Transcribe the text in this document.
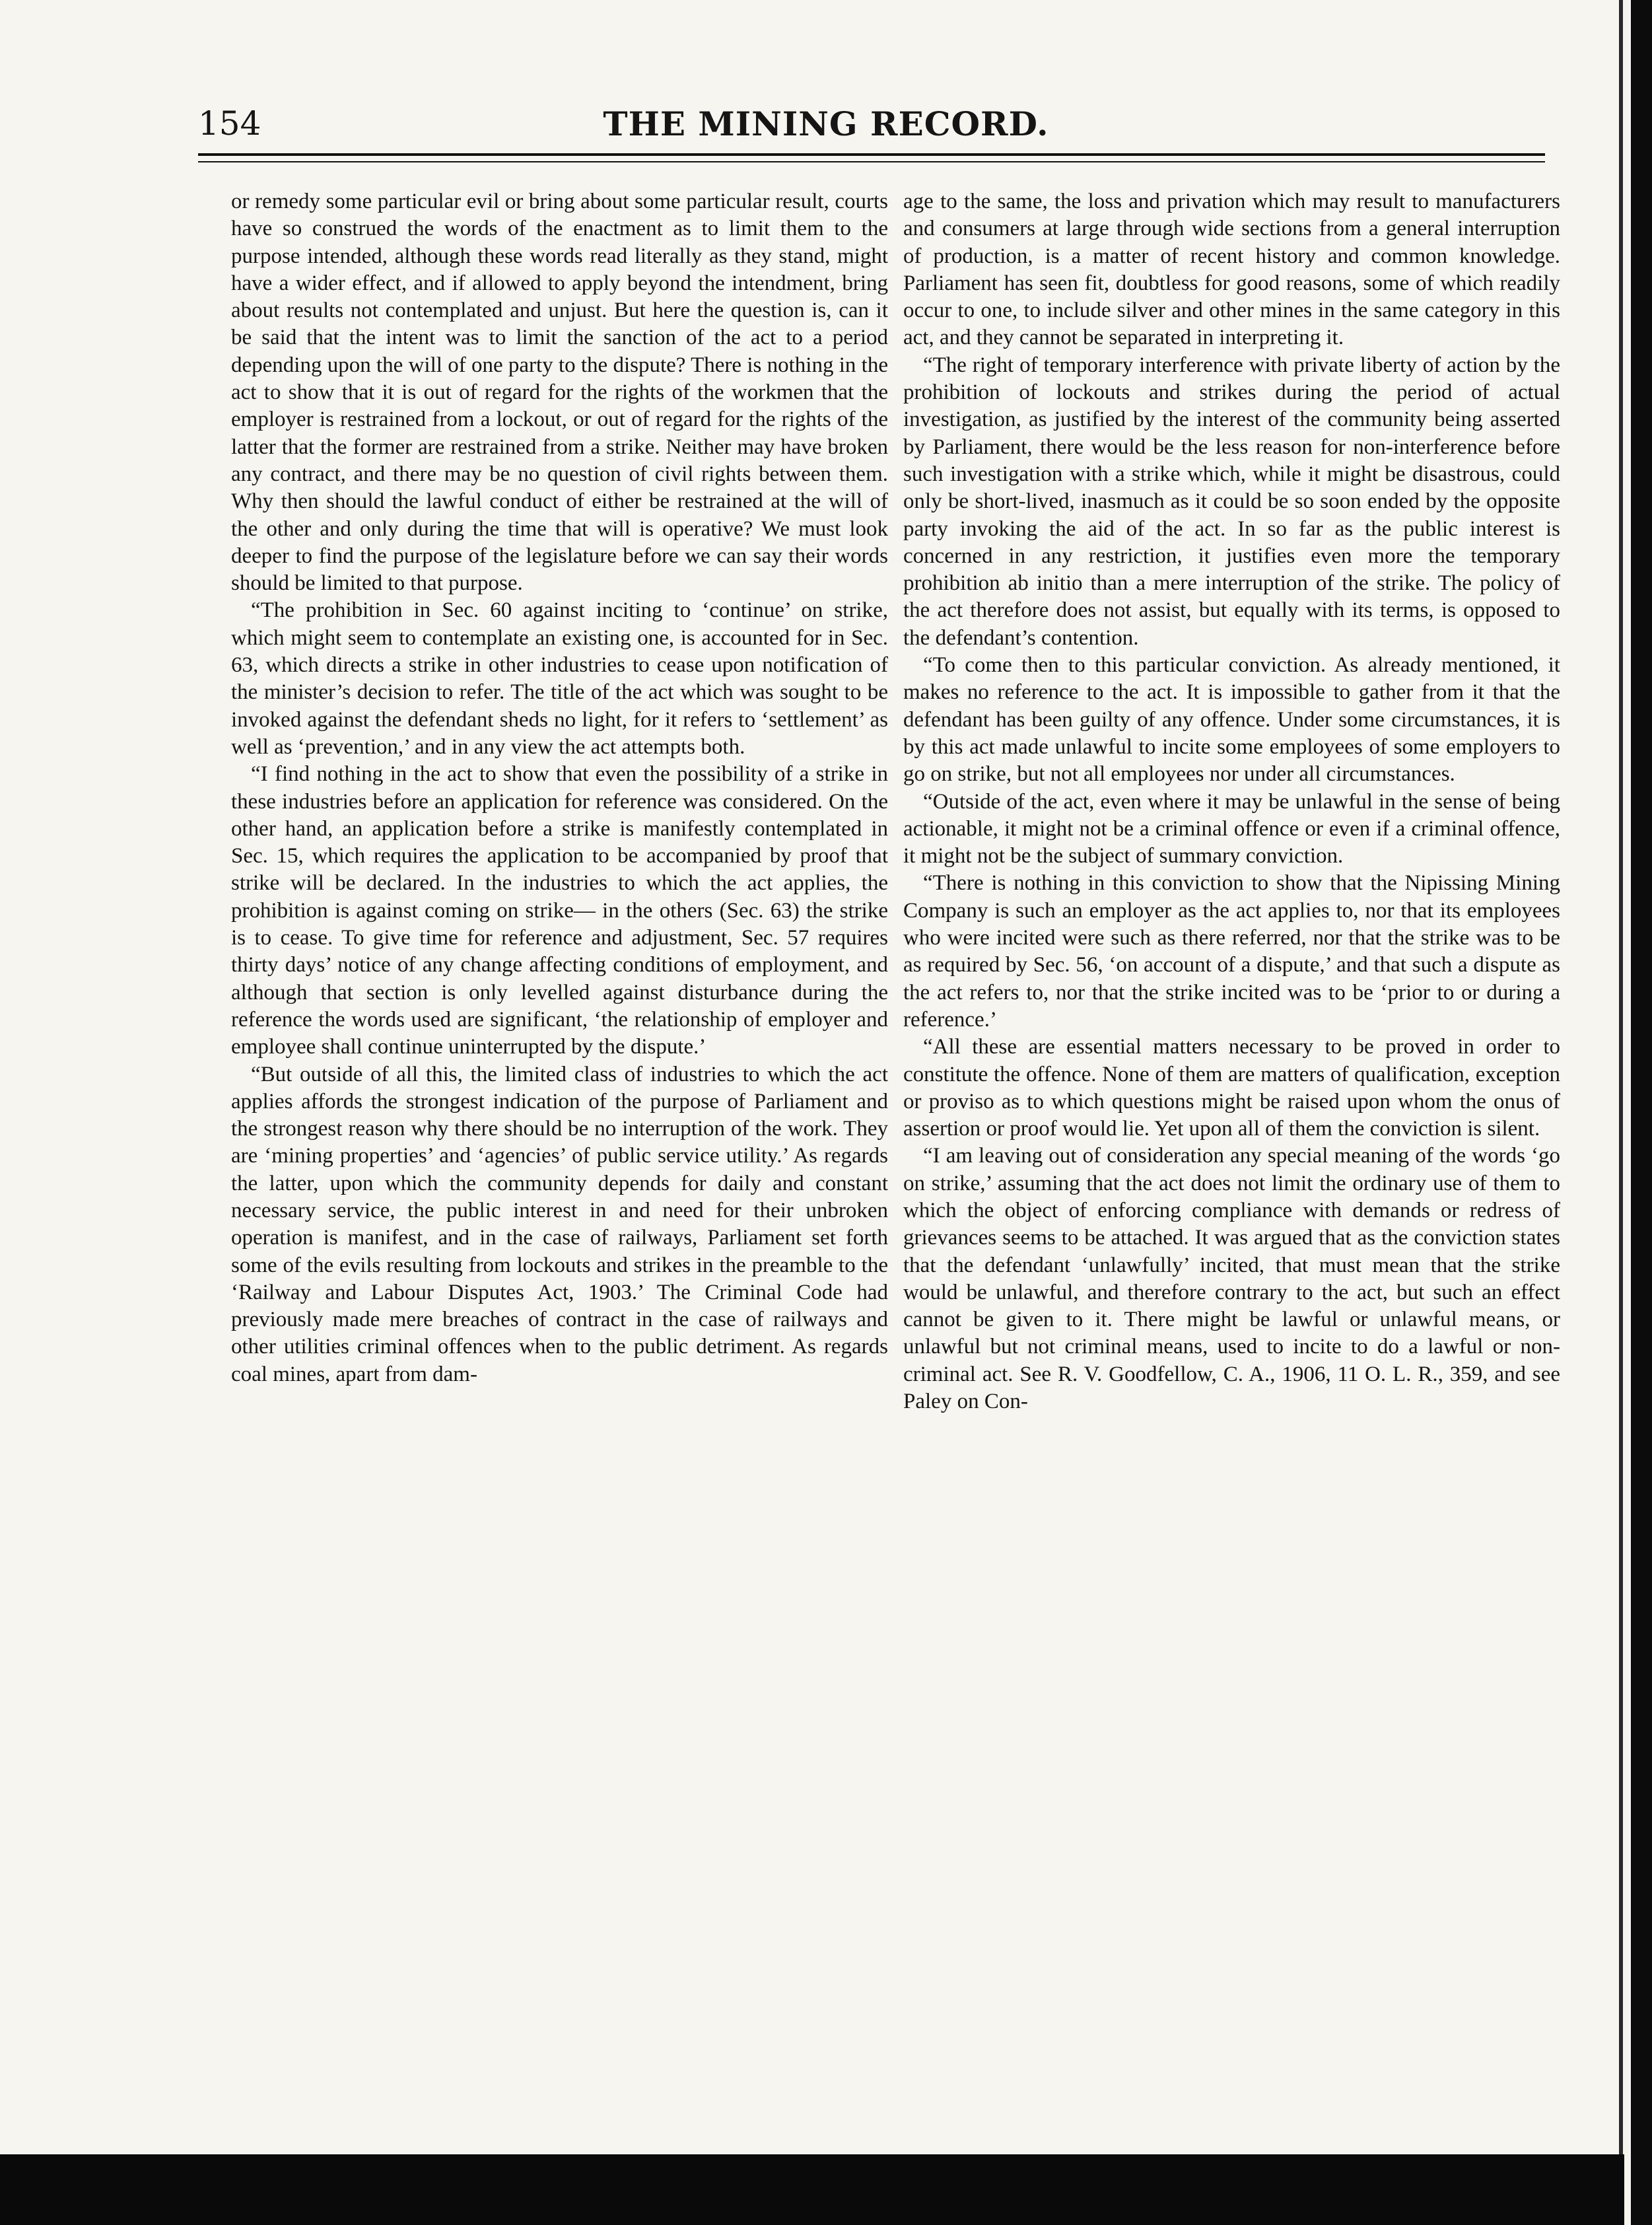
154	THE MINING RECORD.

or remedy some particular evil or bring about some particular result, courts have so construed the words of the enactment as to limit them to the purpose intended, although these words read literally as they stand, might have a wider effect, and if allowed to apply beyond the intendment, bring about results not contemplated and unjust. But here the question is, can it be said that the intent was to limit the sanction of the act to a period depending upon the will of one party to the dispute? There is nothing in the act to show that it is out of regard for the rights of the workmen that the employer is restrained from a lockout, or out of regard for the rights of the latter that the former are restrained from a strike. Neither may have broken any contract, and there may be no question of civil rights between them. Why then should the lawful conduct of either be restrained at the will of the other and only during the time that will is operative? We must look deeper to find the purpose of the legislature before we can say their words should be limited to that purpose.

“The prohibition in Sec. 60 against inciting to ‘continue’ on strike, which might seem to contemplate an existing one, is accounted for in Sec. 63, which directs a strike in other industries to cease upon notification of the minister’s decision to refer. The title of the act which was sought to be invoked against the defendant sheds no light, for it refers to ‘settlement’ as well as ‘prevention,’ and in any view the act attempts both.

“I find nothing in the act to show that even the possibility of a strike in these industries before an application for reference was considered. On the other hand, an application before a strike is manifestly contemplated in Sec. 15, which requires the application to be accompanied by proof that strike will be declared. In the industries to which the act applies, the prohibition is against coming on strike— in the others (Sec. 63) the strike is to cease. To give time for reference and adjustment, Sec. 57 requires thirty days’ notice of any change affecting conditions of employment, and although that section is only levelled against disturbance during the reference the words used are significant, ‘the relationship of employer and employee shall continue uninterrupted by the dispute.’

“But outside of all this, the limited class of industries to which the act applies affords the strongest indication of the purpose of Parliament and the strongest reason why there should be no interruption of the work. They are ‘mining properties’ and ‘agencies’ of public service utility.’ As regards the latter, upon which the community depends for daily and constant necessary service, the public interest in and need for their unbroken operation is manifest, and in the case of railways, Parliament set forth some of the evils resulting from lockouts and strikes in the preamble to the ‘Railway and Labour Disputes Act, 1903.’ The Criminal Code had previously made mere breaches of contract in the case of railways and other utilities criminal offences when to the public detriment. As regards coal mines, apart from dam-

age to the same, the loss and privation which may result to manufacturers and consumers at large through wide sections from a general interruption of production, is a matter of recent history and common knowledge. Parliament has seen fit, doubtless for good reasons, some of which readily occur to one, to include silver and other mines in the same category in this act, and they cannot be separated in interpreting it.

“The right of temporary interference with private liberty of action by the prohibition of lockouts and strikes during the period of actual investigation, as justified by the interest of the community being asserted by Parliament, there would be the less reason for non-interference before such investigation with a strike which, while it might be disastrous, could only be short-lived, inasmuch as it could be so soon ended by the opposite party invoking the aid of the act. In so far as the public interest is concerned in any restriction, it justifies even more the temporary prohibition ab initio than a mere interruption of the strike. The policy of the act therefore does not assist, but equally with its terms, is opposed to the defendant’s contention.

“To come then to this particular conviction. As already mentioned, it makes no reference to the act. It is impossible to gather from it that the defendant has been guilty of any offence. Under some circumstances, it is by this act made unlawful to incite some employees of some employers to go on strike, but not all employees nor under all circumstances.

“Outside of the act, even where it may be unlawful in the sense of being actionable, it might not be a criminal offence or even if a criminal offence, it might not be the subject of summary conviction.

“There is nothing in this conviction to show that the Nipissing Mining Company is such an employer as the act applies to, nor that its employees who were incited were such as there referred, nor that the strike was to be as required by Sec. 56, ‘on account of a dispute,’ and that such a dispute as the act refers to, nor that the strike incited was to be ‘prior to or during a reference.’

“All these are essential matters necessary to be proved in order to constitute the offence. None of them are matters of qualification, exception or proviso as to which questions might be raised upon whom the onus of assertion or proof would lie. Yet upon all of them the conviction is silent.

“I am leaving out of consideration any special meaning of the words ‘go on strike,’ assuming that the act does not limit the ordinary use of them to which the object of enforcing compliance with demands or redress of grievances seems to be attached. It was argued that as the conviction states that the defendant ‘unlawfully’ incited, that must mean that the strike would be unlawful, and therefore contrary to the act, but such an effect cannot be given to it. There might be lawful or unlawful means, or unlawful but not criminal means, used to incite to do a lawful or non-criminal act. See R. V. Goodfellow, C. A., 1906, 11 O. L. R., 359, and see Paley on Con-
